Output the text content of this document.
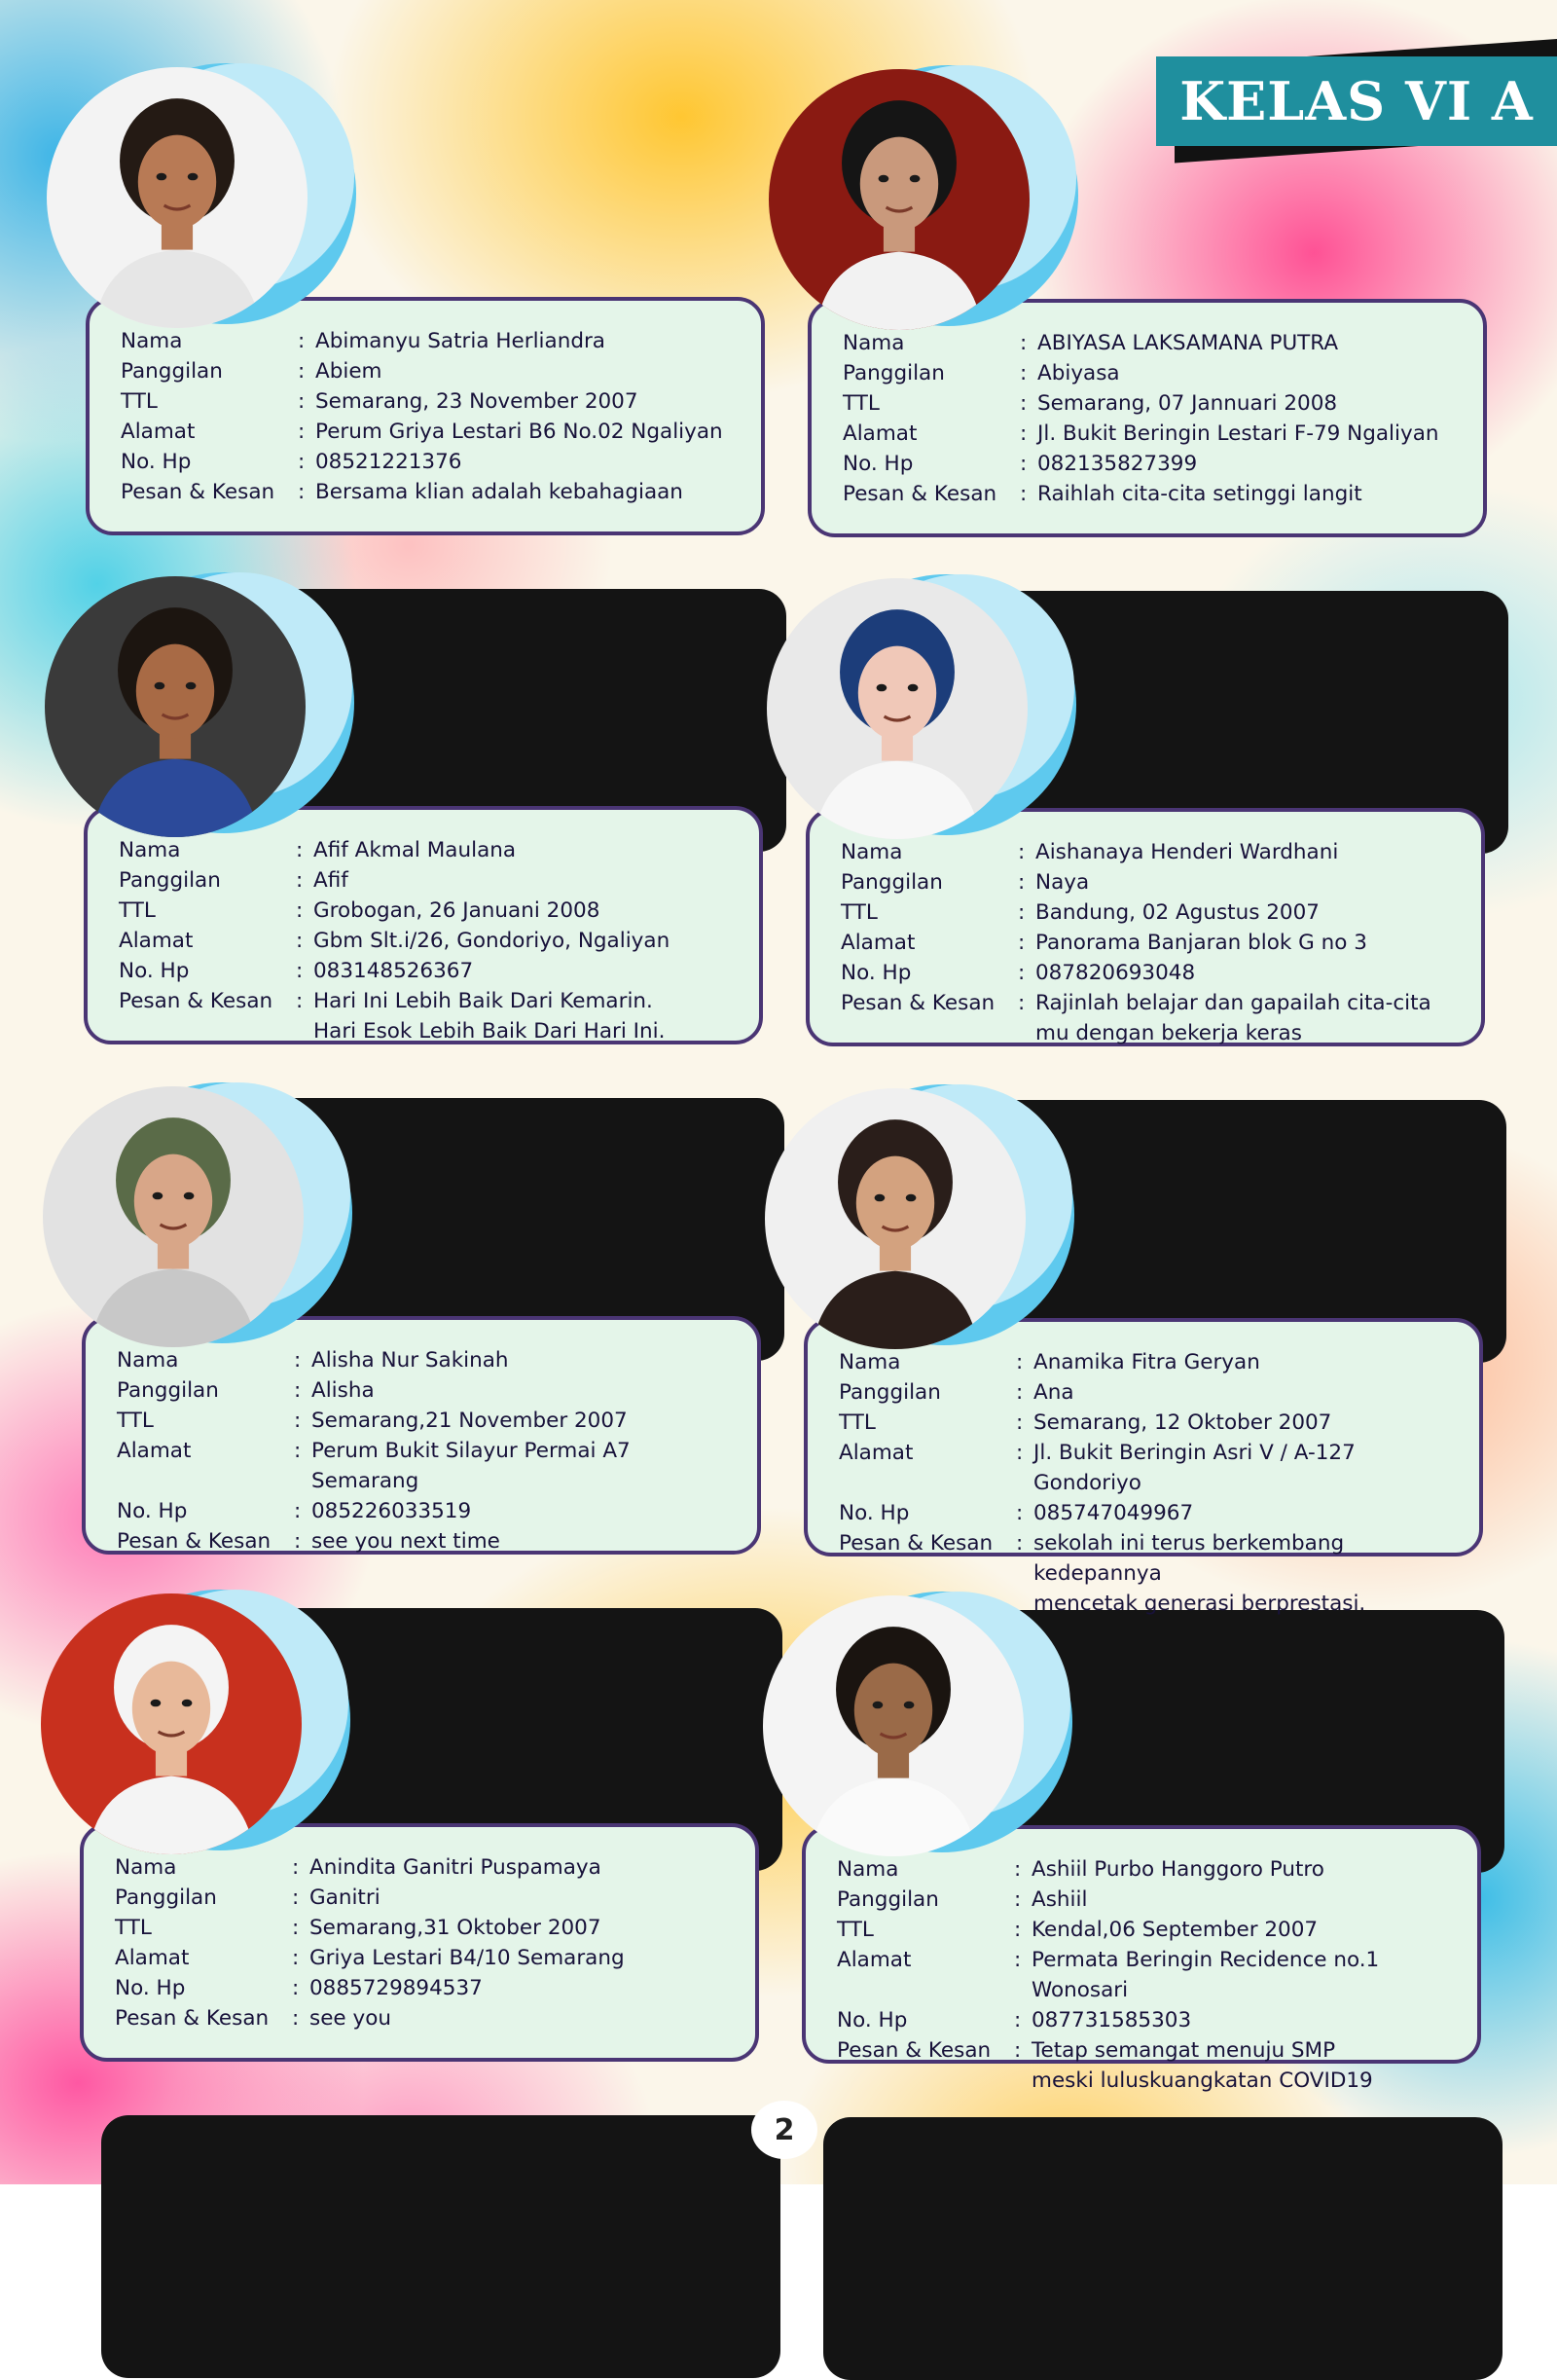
KELAS VI A
Nama	: Abimanyu Satria Herliandra
Panggilan	: Abiem
TTL	: Semarang, 23 November 2007
Alamat	: Perum Griya Lestari B6 No.02 Ngaliyan
No. Hp	: 08521221376
Pesan & Kesan	: Bersama klian adalah kebahagiaan
Nama	: ABIYASA LAKSAMANA PUTRA
Panggilan	: Abiyasa
TTL	: Semarang, 07 Jannuari 2008
Alamat	: Jl. Bukit Beringin Lestari F-79 Ngaliyan
No. Hp	: 082135827399
Pesan & Kesan	: Raihlah cita-cita setinggi langit
Nama	: Afif Akmal Maulana
Panggilan	: Afif
TTL	: Grobogan, 26 Januani 2008
Alamat	: Gbm Slt.i/26, Gondoriyo, Ngaliyan
No. Hp	: 083148526367
Pesan & Kesan	: Hari Ini Lebih Baik Dari Kemarin.
Hari Esok Lebih Baik Dari Hari Ini.
Nama	: Aishanaya Henderi Wardhani
Panggilan	: Naya
TTL	: Bandung, 02 Agustus 2007
Alamat	: Panorama Banjaran blok G no 3
No. Hp	: 087820693048
Pesan & Kesan	: Rajinlah belajar dan gapailah cita-cita
mu dengan bekerja keras
Nama	: Alisha Nur Sakinah
Panggilan	: Alisha
TTL	: Semarang,21 November 2007
Alamat	: Perum Bukit Silayur Permai A7 Semarang
No. Hp	: 085226033519
Pesan & Kesan	: see you next time
Nama	: Anamika Fitra Geryan
Panggilan	: Ana
TTL	: Semarang, 12 Oktober 2007
Alamat	: Jl. Bukit Beringin Asri V / A-127 Gondoriyo
No. Hp	: 085747049967
Pesan & Kesan	: sekolah ini terus berkembang kedepannya
mencetak generasi berprestasi.
Nama	: Anindita Ganitri Puspamaya
Panggilan	: Ganitri
TTL	: Semarang,31 Oktober 2007
Alamat	: Griya Lestari B4/10 Semarang
No. Hp	: 0885729894537
Pesan & Kesan	: see you
Nama	: Ashiil Purbo Hanggoro Putro
Panggilan	: Ashiil
TTL	: Kendal,06 September 2007
Alamat	: Permata Beringin Recidence no.1 Wonosari
No. Hp	: 087731585303
Pesan & Kesan	: Tetap semangat menuju SMP
meski luluskuangkatan COVID19
2
